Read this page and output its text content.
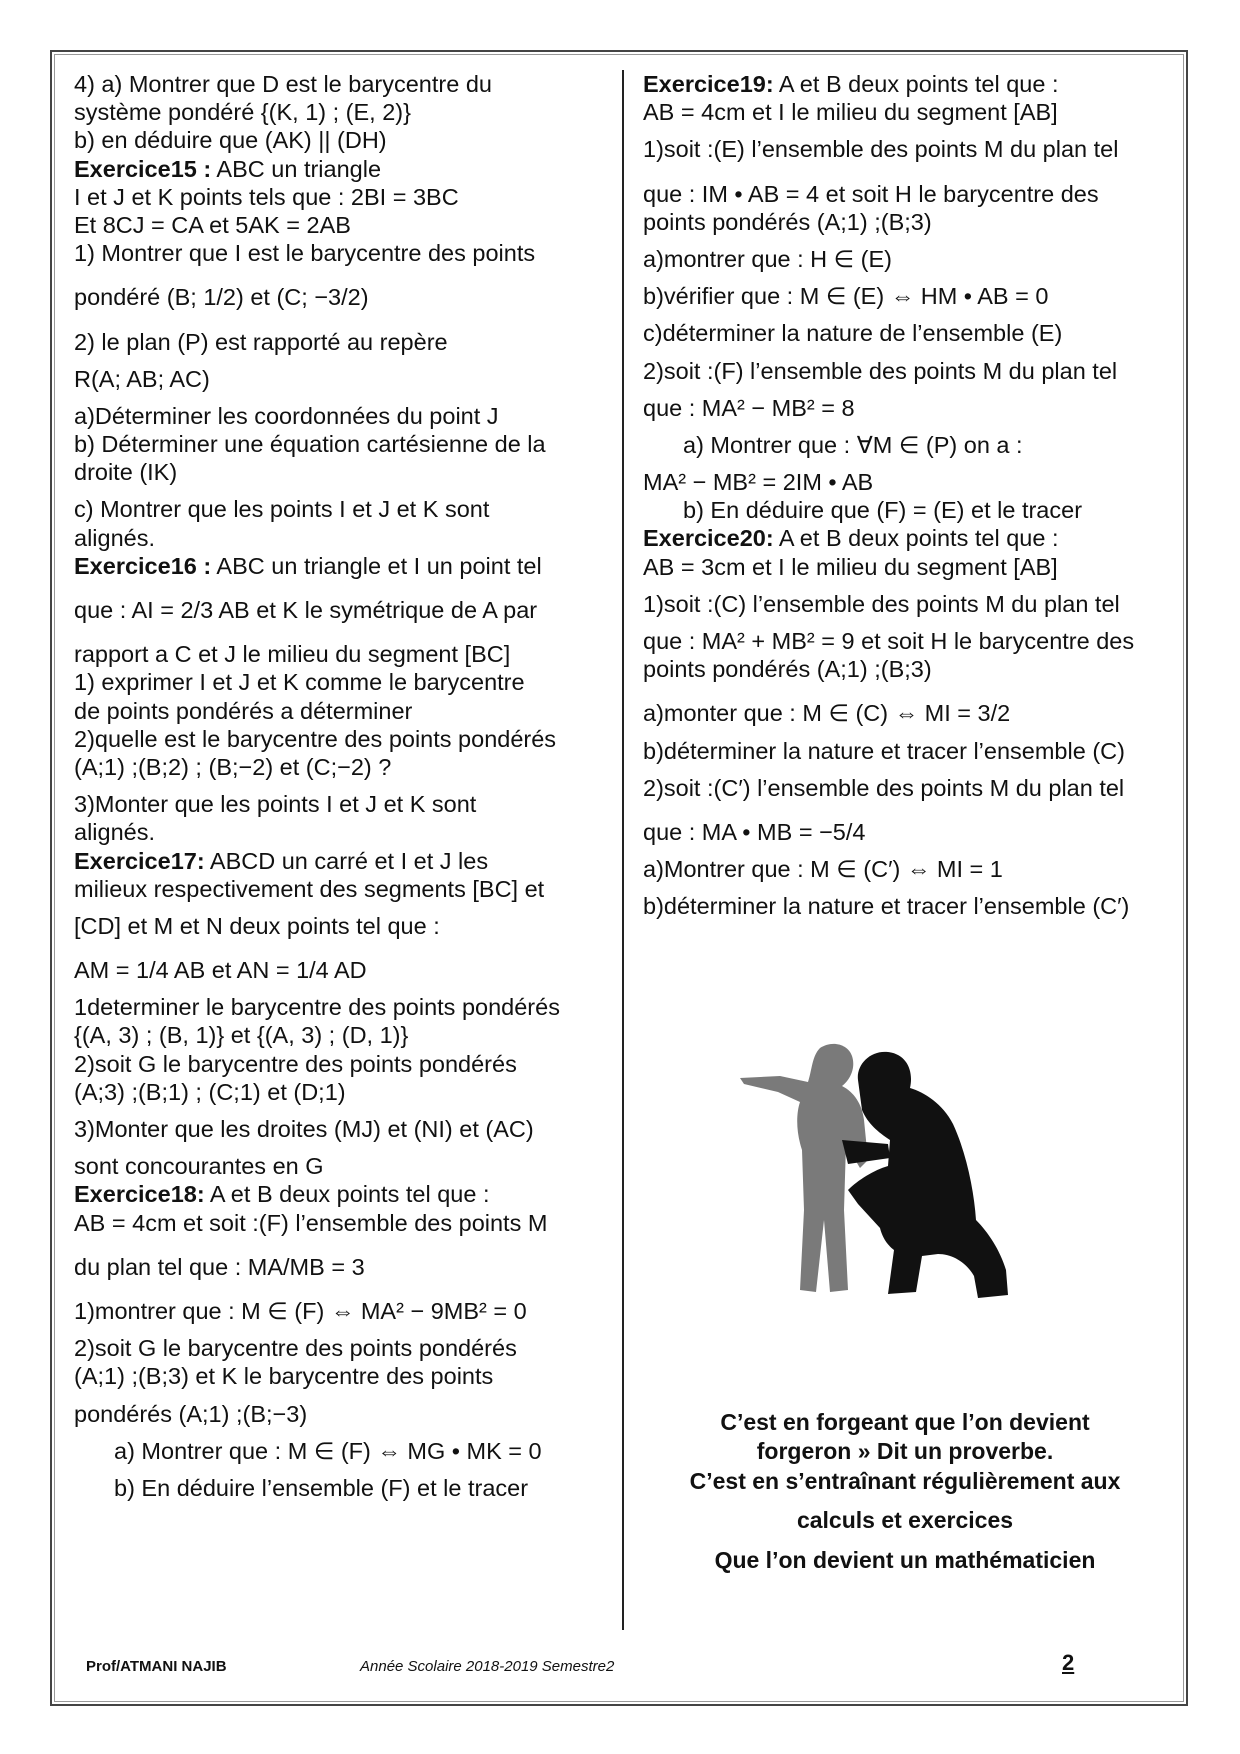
4) a) Montrer que D est le barycentre du
système pondéré {(K, 1) ; (E, 2)}
b) en déduire que (AK) || (DH)
Exercice15 : ABC un triangle
I et J et K points tels que : 2BI = 3BC
Et 8CJ = CA et 5AK = 2AB
1) Montrer que I est le barycentre des points
pondéré (B; 1/2) et (C; −3/2)
2) le plan (P) est rapporté au repère
R(A; AB; AC)
a)Déterminer les coordonnées du point J
b) Déterminer une équation cartésienne de la
droite (IK)
c) Montrer que les points I et J et K sont
alignés.
Exercice16 : ABC un triangle et I un point tel
que : AI = 2/3 AB et K le symétrique de A par
rapport a C et J le milieu du segment [BC]
1) exprimer I et J et K comme le barycentre
de points pondérés a déterminer
2)quelle est le barycentre des points pondérés
(A;1) ;(B;2) ; (B;−2) et (C;−2) ?
3)Monter que les points I et J et K sont
alignés.
Exercice17: ABCD un carré et I et J les
milieux respectivement des segments [BC] et
[CD] et M et N deux points tel que :
AM = 1/4 AB et AN = 1/4 AD
1determiner le barycentre des points pondérés
{(A, 3) ; (B, 1)} et {(A, 3) ; (D, 1)}
2)soit G le barycentre des points pondérés
(A;3) ;(B;1) ; (C;1) et (D;1)
3)Monter que les droites (MJ) et (NI) et (AC)
sont concourantes en G
Exercice18: A et B deux points tel que :
AB = 4cm et soit :(F) l’ensemble des points M
du plan tel que : MA/MB = 3
1)montrer que : M ∈ (F) ⇔ MA² − 9MB² = 0
2)soit G le barycentre des points pondérés
(A;1) ;(B;3) et K le barycentre des points
pondérés (A;1) ;(B;−3)
a) Montrer que : M ∈ (F) ⇔ MG • MK = 0
b) En déduire l’ensemble (F) et le tracer
Exercice19: A et B deux points tel que :
AB = 4cm et I le milieu du segment [AB]
1)soit :(E) l’ensemble des points M du plan tel
que : IM • AB = 4 et soit H le barycentre des
points pondérés (A;1) ;(B;3)
a)montrer que : H ∈ (E)
b)vérifier que : M ∈ (E) ⇔ HM • AB = 0
c)déterminer la nature de l’ensemble (E)
2)soit :(F) l’ensemble des points M du plan tel
que : MA² − MB² = 8
a) Montrer que : ∀M ∈ (P) on a :
MA² − MB² = 2IM • AB
b) En déduire que (F) = (E) et le tracer
Exercice20: A et B deux points tel que :
AB = 3cm et I le milieu du segment [AB]
1)soit :(C) l’ensemble des points M du plan tel
que : MA² + MB² = 9 et soit H le barycentre des
points pondérés (A;1) ;(B;3)
a)monter que : M ∈ (C) ⇔ MI = 3/2
b)déterminer la nature et tracer l’ensemble (C)
2)soit :(C′) l’ensemble des points M du plan tel
que : MA • MB = −5/4
a)Montrer que : M ∈ (C′) ⇔ MI = 1
b)déterminer la nature et tracer l’ensemble (C′)
C’est en forgeant que l’on devient
forgeron » Dit un proverbe.
C’est en s’entraînant régulièrement aux
calculs et exercices
Que l’on devient un mathématicien
Prof/ATMANI NAJIB	Année Scolaire 2018-2019 Semestre2	2
